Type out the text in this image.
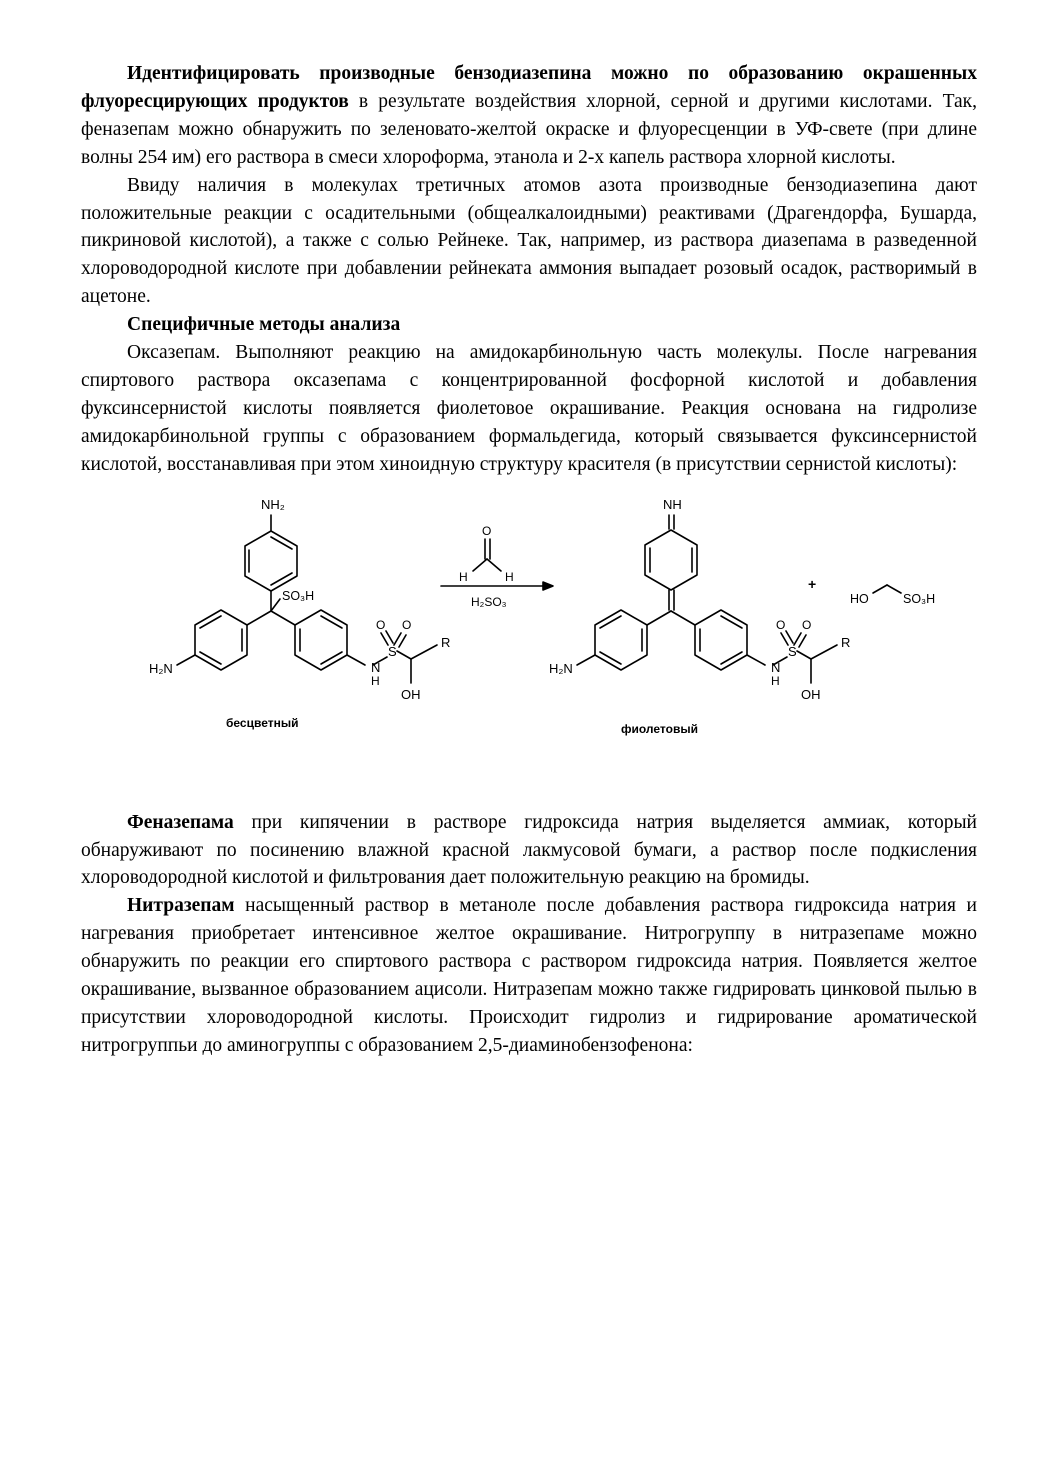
Идентифицировать производные бензодиазепина можно по образованию окрашенных флуоресцирующих продуктов в результате воздействия хлорной, серной и другими кислотами. Так, феназепам можно обнаружить по зеленовато-желтой окраске и флуоресценции в УФ-свете (при длине волны 254 им) его раствора в смеси хлороформа, этанола и 2-х капель раствора хлорной кислоты.

Ввиду наличия в молекулах третичных атомов азота производные бензодиазепина дают положительные реакции с осадительными (общеалкалоидными) реактивами (Драгендорфа, Бушарда, пикриновой кислотой), а также с солью Рейнеке. Так, например, из раствора диазепама в разведенной хлороводородной кислоте при добавлении рейнеката аммония выпадает розовый осадок, растворимый в ацетоне.

Специфичные методы анализа

Оксазепам. Выполняют реакцию на амидокарбинольную часть молекулы. После нагревания спиртового раствора оксазепама с концентрированной фосфорной кислотой и добавления фуксинсернистой кислоты появляется фиолетовое окрашивание. Реакция основана на гидролизе амидокарбинольной группы с образованием формальдегида, который связывается фуксинсернистой кислотой, восстанавливая при этом хиноидную структуру красителя (в присутствии сернистой кислоты):

NH₂
SO₃H
H₂N	N
H
S
O O
R
OH
бесцветный
O
H	H
H₂SO₃
NH
H₂N	N
H
S
O O
R
OH
фиолетовый
+
HO	SO₃H

Феназепама при кипячении в растворе гидроксида натрия выделяется аммиак, который обнаруживают по посинению влажной красной лакмусовой бумаги, а раствор после подкисления хлороводородной кислотой и фильтрования дает положительную реакцию на бромиды.

Нитразепам насыщенный раствор в метаноле после добавления раствора гидроксида натрия и нагревания приобретает интенсивное желтое окрашивание. Нитрогруппу в нитразепаме можно обнаружить по реакции его спиртового раствора с раствором гидроксида натрия. Появляется желтое окрашивание, вызванное образованием ацисоли. Нитразепам можно также гидрировать цинковой пылью в присутствии хлороводородной кислоты. Происходит гидролиз и гидрирование ароматической нитрогруппьи до аминогруппы с образованием 2,5-диаминобензофенона:
